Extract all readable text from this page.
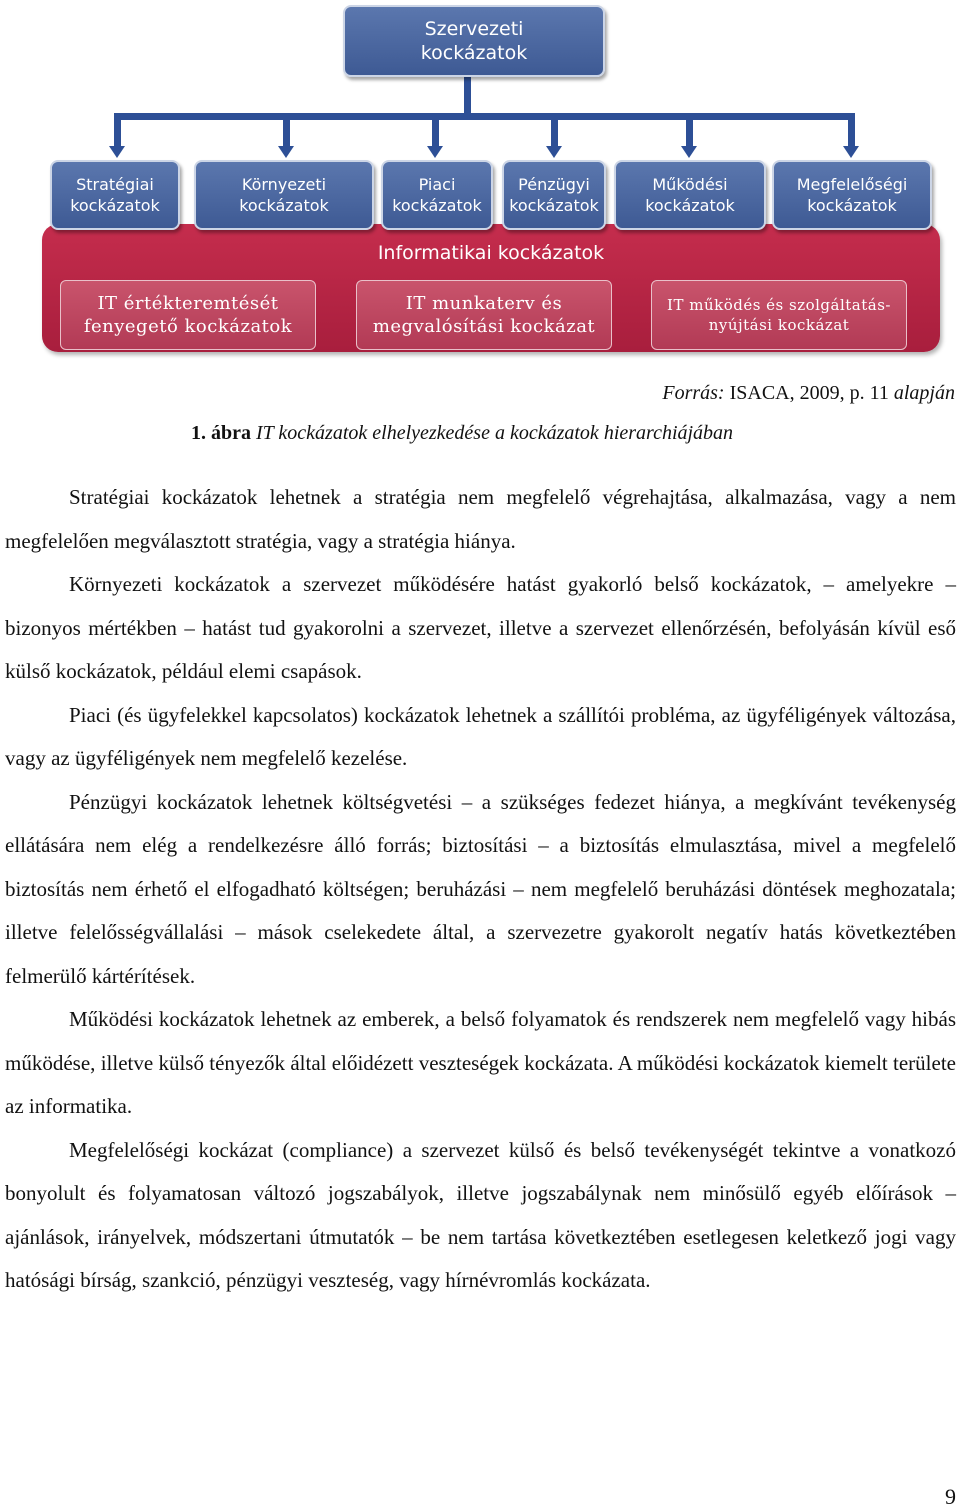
Szervezeti
kockázatok
Informatikai kockázatok
Stratégiai
kockázatok
Környezeti
kockázatok
Piaci
kockázatok
Pénzügyi
kockázatok
Működési
kockázatok
Megfelelőségi
kockázatok
IT értékteremtését
fenyegető kockázatok
IT munkaterv és
megvalósítási kockázat
IT működés és szolgáltatás-
nyújtási kockázat
Forrás: ISACA, 2009, p. 11 alapján
1. ábra IT kockázatok elhelyezkedése a kockázatok hierarchiájában

Stratégiai kockázatok lehetnek a stratégia nem megfelelő végrehajtása, alkalmazása, vagy a nem megfelelően megválasztott stratégia, vagy a stratégia hiánya.

Környezeti kockázatok a szervezet működésére hatást gyakorló belső kockázatok, – amelyekre – bizonyos mértékben – hatást tud gyakorolni a szervezet, illetve a szervezet ellenőrzésén, befolyásán kívül eső külső kockázatok, például elemi csapások.

Piaci (és ügyfelekkel kapcsolatos) kockázatok lehetnek a szállítói probléma, az ügyféligények változása, vagy az ügyféligények nem megfelelő kezelése.

Pénzügyi kockázatok lehetnek költségvetési – a szükséges fedezet hiánya, a megkívánt tevékenység ellátására nem elég a rendelkezésre álló forrás; biztosítási – a biztosítás elmulasztása, mivel a megfelelő biztosítás nem érhető el elfogadható költségen; beruházási – nem megfelelő beruházási döntések meghozatala; illetve felelősségvállalási – mások cselekedete által, a szervezetre gyakorolt negatív hatás következtében felmerülő kártérítések.

Működési kockázatok lehetnek az emberek, a belső folyamatok és rendszerek nem megfelelő vagy hibás működése, illetve külső tényezők által előidézett veszteségek kockázata. A működési kockázatok kiemelt területe az informatika.

Megfelelőségi kockázat (compliance) a szervezet külső és belső tevékenységét tekintve a vonatkozó bonyolult és folyamatosan változó jogszabályok, illetve jogszabálynak nem minősülő egyéb előírások – ajánlások, irányelvek, módszertani útmutatók – be nem tartása következtében esetlegesen keletkező jogi vagy hatósági bírság, szankció, pénzügyi veszteség, vagy hírnévromlás kockázata.

9
